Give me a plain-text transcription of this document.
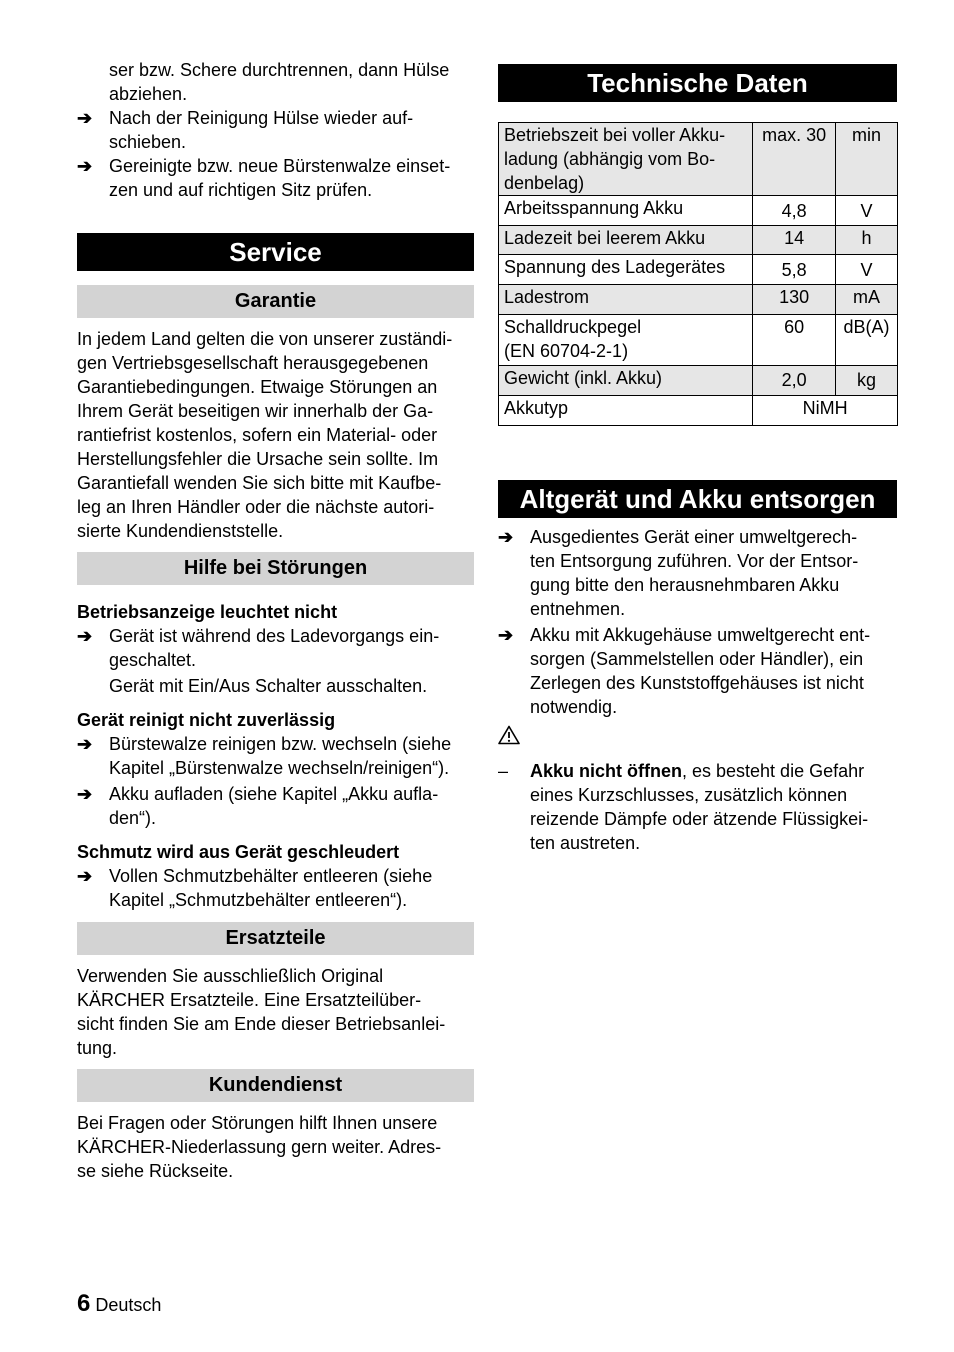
ser bzw. Schere durchtrennen, dann Hülse

abziehen.

➔ Nach der Reinigung Hülse wieder auf-

schieben.

➔ Gereinigte bzw. neue Bürstenwalze einset-

zen und auf richtigen Sitz prüfen.

Service
Garantie

In jedem Land gelten die von unserer zuständi-

gen Vertriebsgesellschaft herausgegebenen

Garantiebedingungen. Etwaige Störungen an

Ihrem Gerät beseitigen wir innerhalb der Ga-

rantiefrist kostenlos, sofern ein Material- oder

Herstellungsfehler die Ursache sein sollte. Im

Garantiefall wenden Sie sich bitte mit Kaufbe-

leg an Ihren Händler oder die nächste autori-

sierte Kundendienststelle.

Hilfe bei Störungen

Betriebsanzeige leuchtet nicht

➔ Gerät ist während des Ladevorgangs ein-

geschaltet.

Gerät mit Ein/Aus Schalter ausschalten.

Gerät reinigt nicht zuverlässig

➔ Bürstewalze reinigen bzw. wechseln (siehe

Kapitel „Bürstenwalze wechseln/reinigen“).

➔ Akku aufladen (siehe Kapitel „Akku aufla-

den“).

Schmutz wird aus Gerät geschleudert

➔ Vollen Schmutzbehälter entleeren (siehe

Kapitel „Schmutzbehälter entleeren“).

Ersatzteile

Verwenden Sie ausschließlich Original

KÄRCHER Ersatzteile. Eine Ersatzteilüber-

sicht finden Sie am Ende dieser Betriebsanlei-

tung.

Kundendienst

Bei Fragen oder Störungen hilft Ihnen unsere

KÄRCHER-Niederlassung gern weiter. Adres-

se siehe Rückseite.

Technische Daten

Betriebszeit bei voller Akku-

ladung (abhängig vom Bo-

denbelag)	max. 30	min

Arbeitsspannung Akku	4,8	V

Ladezeit bei leerem Akku	14	h

Spannung des Ladegerätes	5,8	V

Ladestrom	130	mA

Schalldruckpegel

(EN 60704-2-1)	60	dB(A)

Gewicht (inkl. Akku)	2,0	kg

Akkutyp	NiMH	
Altgerät und Akku entsorgen
➔ Ausgedientes Gerät einer umweltgerech-

ten Entsorgung zuführen. Vor der Entsor-

gung bitte den herausnehmbaren Akku

entnehmen.

➔ Akku mit Akkugehäuse umweltgerecht ent-

sorgen (Sammelstellen oder Händler), ein

Zerlegen des Kunststoffgehäuses ist nicht

notwendig.

– Akku nicht öffnen, es besteht die Gefahr

eines Kurzschlusses, zusätzlich können

reizende Dämpfe oder ätzende Flüssigkei-

ten austreten.

6 Deutsch
